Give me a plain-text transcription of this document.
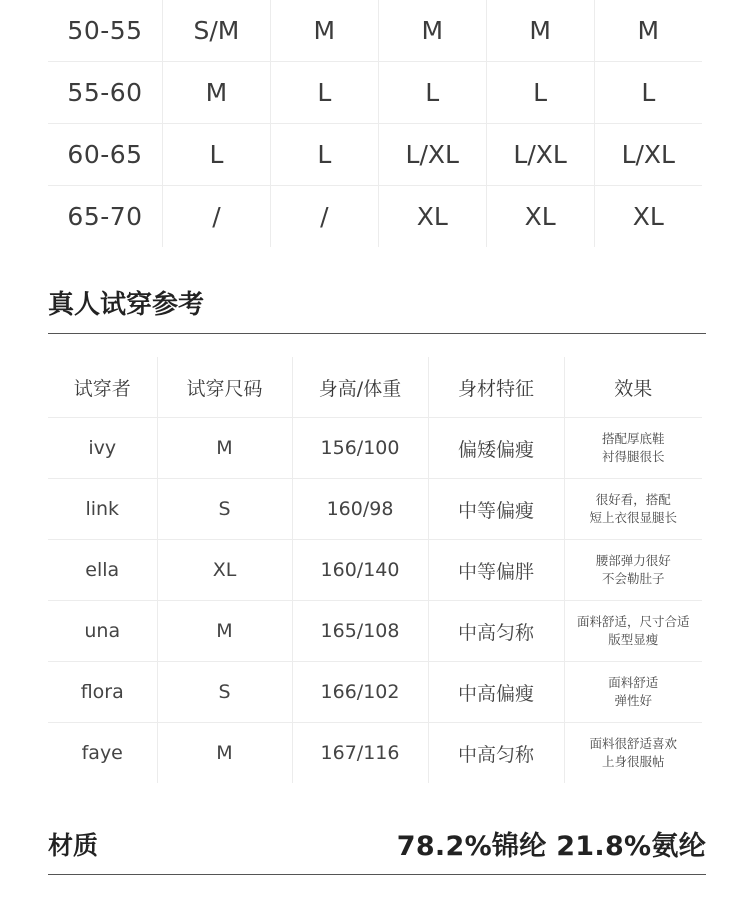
50-55	S/M	M	M	M	M
55-60	M	L	L	L	L
60-65	L	L	L/XL	L/XL	L/XL
65-70	/	/	XL	XL	XL
真人试穿参考
试穿者	试穿尺码	身高/体重	身材特征	效果
ivy	M	156/100	偏矮偏瘦	搭配厚底鞋
衬得腿很长

link	S	160/98	中等偏瘦	很好看，搭配
短上衣很显腿长

ella	XL	160/140	中等偏胖	腰部弹力很好
不会勒肚子

una	M	165/108	中高匀称	面料舒适，尺寸合适
版型显瘦

flora	S	166/102	中高偏瘦	面料舒适
弹性好

faye	M	167/116	中高匀称	面料很舒适喜欢
上身很服帖
材质	78.2%锦纶 21.8%氨纶
